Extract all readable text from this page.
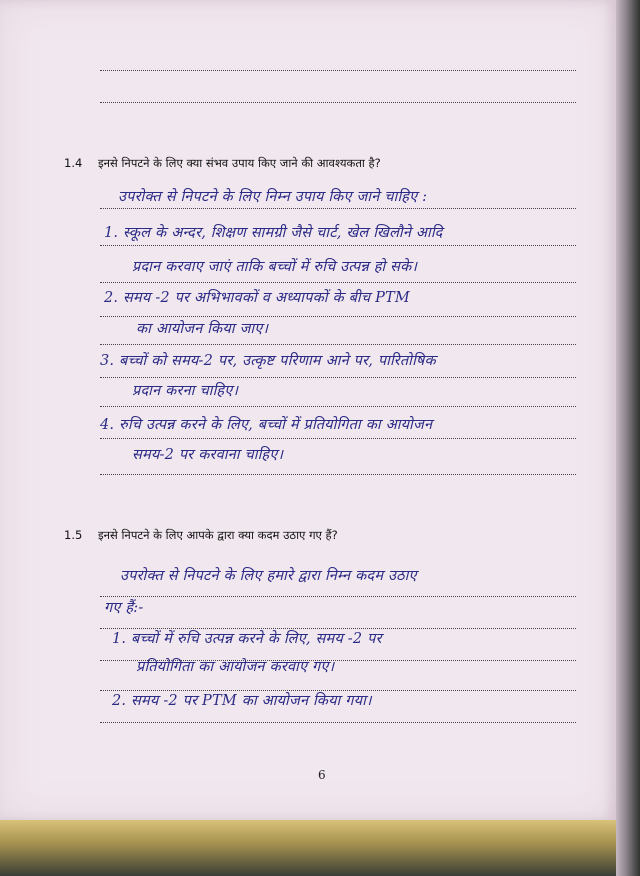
1.4 इनसे निपटने के लिए क्या संभव उपाय किए जाने की आवश्यकता है?
उपरोक्त से निपटने के लिए निम्न उपाय किए जाने चाहिए :
1. स्कूल के अन्दर, शिक्षण सामग्री जैसे चार्ट, खेल खिलौने आदि
प्रदान करवाए जाएं ताकि बच्चों में रुचि उत्पन्न हो सके।
2. समय -2 पर अभिभावकों व अध्यापकों के बीच PTM
का आयोजन किया जाए।
3. बच्चों को समय-2 पर, उत्कृष्ट परिणाम आने पर, पारितोषिक
प्रदान करना चाहिए।
4. रुचि उत्पन्न करने के लिए, बच्चों में प्रतियोगिता का आयोजन
समय-2 पर करवाना चाहिए।
1.5 इनसे निपटने के लिए आपके द्वारा क्या कदम उठाए गए हैं?
उपरोक्त से निपटने के लिए हमारे द्वारा निम्न कदम उठाए
गए हैं:-
1. बच्चों में रुचि उत्पन्न करने के लिए, समय -2 पर
प्रतियोगिता का आयोजन करवाए गए।
2. समय -2 पर PTM का आयोजन किया गया।
6
